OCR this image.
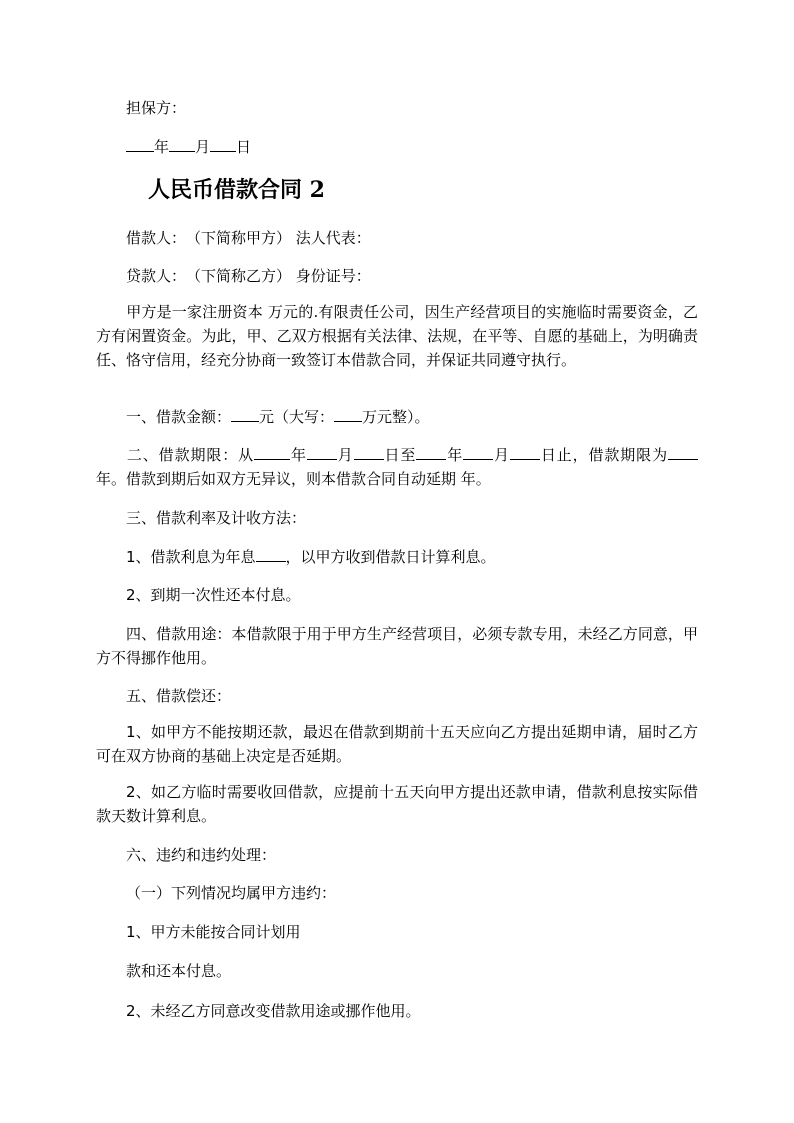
担保方：
年 月 日
人民币借款合同 2
借款人：　（下简称甲方） 法人代表：
贷款人：　（下简称乙方） 身份证号：
甲方是一家注册资本 万元的.有限责任公司，因生产经营项目的实施临时需要资金，乙方有闲置资金。为此，甲、乙双方根据有关法律、法规，在平等、自愿的基础上，为明确责任、恪守信用，经充分协商一致签订本借款合同，并保证共同遵守执行。
一、借款金额： 元（大写： 万元整）。
二、借款期限：从 年 月 日至 年 月 日止，借款期限为年。借款到期后如双方无异议，则本借款合同自动延期 年。
三、借款利率及计收方法：
1、借款利息为年息 ，以甲方收到借款日计算利息。
2、到期一次性还本付息。
四、借款用途：本借款限于用于甲方生产经营项目，必须专款专用，未经乙方同意，甲方不得挪作他用。
五、借款偿还：
1、如甲方不能按期还款，最迟在借款到期前十五天应向乙方提出延期申请，届时乙方可在双方协商的基础上决定是否延期。
2、如乙方临时需要收回借款，应提前十五天向甲方提出还款申请，借款利息按实际借款天数计算利息。
六、违约和违约处理：
（一）下列情况均属甲方违约：
1、甲方未能按合同计划用
款和还本付息。
2、未经乙方同意改变借款用途或挪作他用。
